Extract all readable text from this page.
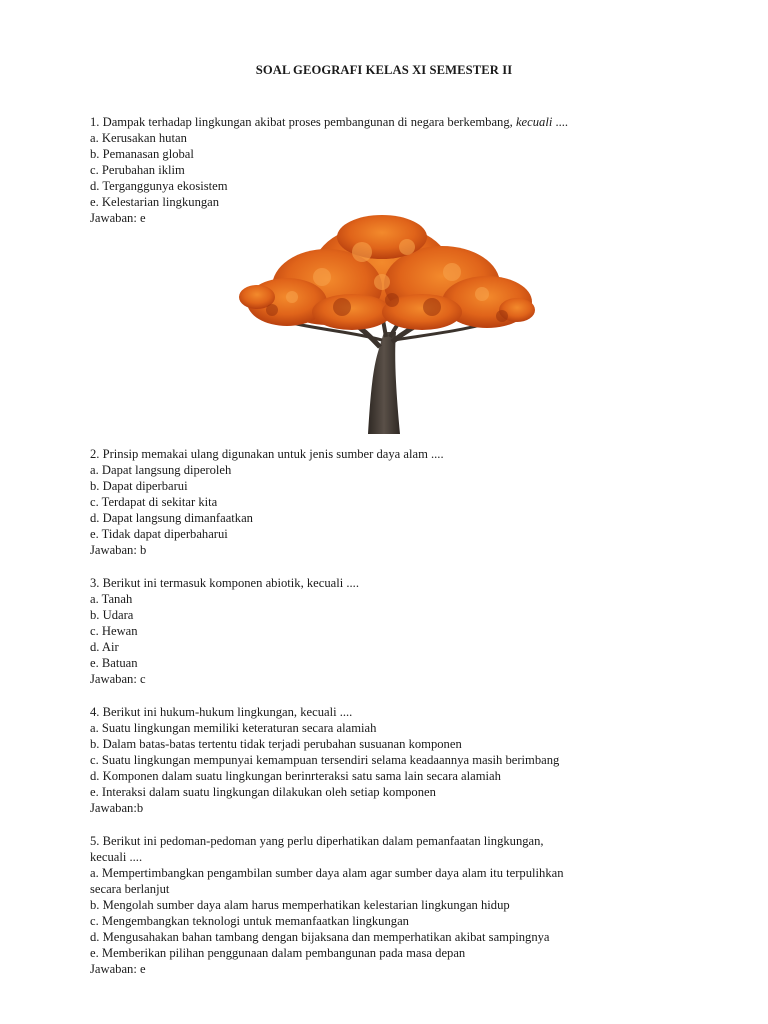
SOAL GEOGRAFI KELAS XI SEMESTER II
1. Dampak terhadap lingkungan akibat proses pembangunan di negara berkembang, kecuali ....
a. Kerusakan hutan
b. Pemanasan global
c. Perubahan iklim
d. Terganggunya ekosistem
e. Kelestarian lingkungan
Jawaban: e
2. Prinsip memakai ulang digunakan untuk jenis sumber daya alam ....
a. Dapat langsung diperoleh
b. Dapat diperbarui
c. Terdapat di sekitar kita
d. Dapat langsung dimanfaatkan
e. Tidak dapat diperbaharui
Jawaban: b
3. Berikut ini termasuk komponen abiotik, kecuali ....
a. Tanah
b. Udara
c. Hewan
d. Air
e. Batuan
Jawaban: c
4. Berikut ini hukum-hukum lingkungan, kecuali ....
a. Suatu lingkungan memiliki keteraturan secara alamiah
b. Dalam batas-batas tertentu tidak terjadi perubahan susuanan komponen
c. Suatu lingkungan mempunyai kemampuan tersendiri selama keadaannya masih berimbang
d. Komponen dalam suatu lingkungan berinrteraksi satu sama lain secara alamiah
e. Interaksi dalam suatu lingkungan dilakukan oleh setiap komponen
Jawaban:b
5. Berikut ini pedoman-pedoman yang perlu diperhatikan dalam pemanfaatan lingkungan,
kecuali ....
a. Mempertimbangkan pengambilan sumber daya alam agar sumber daya alam itu terpulihkan
secara berlanjut
b. Mengolah sumber daya alam harus memperhatikan kelestarian lingkungan hidup
c. Mengembangkan teknologi untuk memanfaatkan lingkungan
d. Mengusahakan bahan tambang dengan bijaksana dan memperhatikan akibat sampingnya
e. Memberikan pilihan penggunaan dalam pembangunan pada masa depan
Jawaban: e
